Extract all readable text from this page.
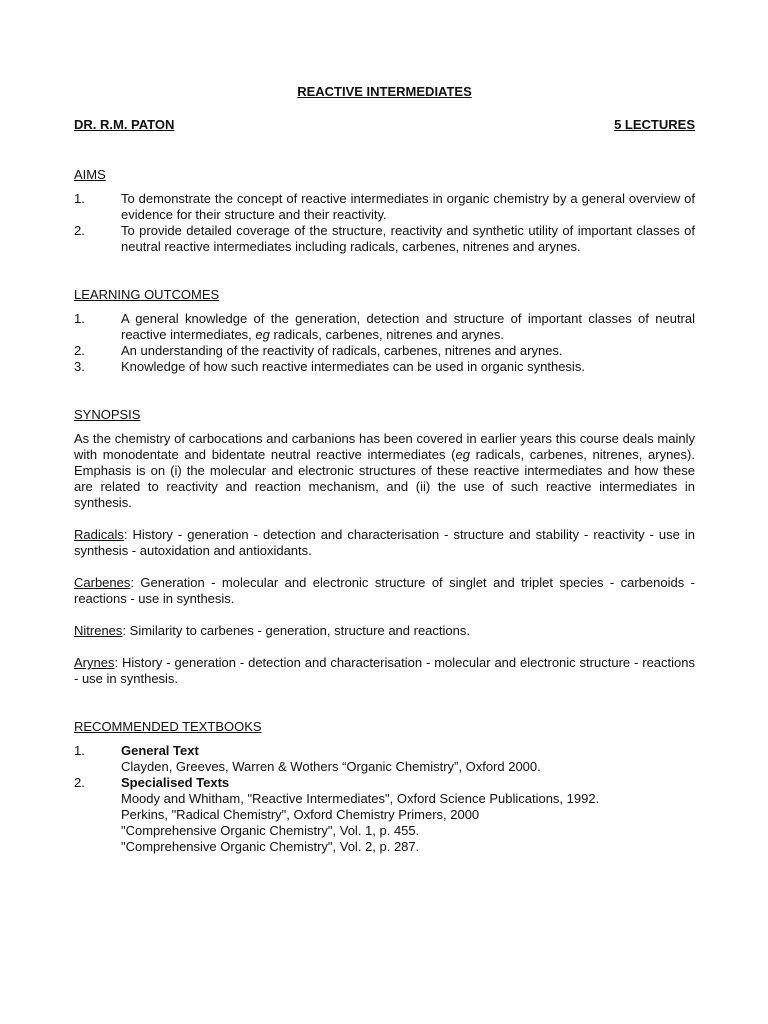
REACTIVE INTERMEDIATES
DR. R.M. PATON	5 LECTURES
AIMS
1.	To demonstrate the concept of reactive intermediates in organic chemistry by a general overview of evidence for their structure and their reactivity.
2.	To provide detailed coverage of the structure, reactivity and synthetic utility of important classes of neutral reactive intermediates including radicals, carbenes, nitrenes and arynes.
LEARNING OUTCOMES
1.	A general knowledge of the generation, detection and structure of important classes of neutral reactive intermediates, eg radicals, carbenes, nitrenes and arynes.
2.	An understanding of the reactivity of radicals, carbenes, nitrenes and arynes.
3.	Knowledge of how such reactive intermediates can be used in organic synthesis.
SYNOPSIS
As the chemistry of carbocations and carbanions has been covered in earlier years this course deals mainly with monodentate and bidentate neutral reactive intermediates (eg radicals, carbenes, nitrenes, arynes). Emphasis is on (i) the molecular and electronic structures of these reactive intermediates and how these are related to reactivity and reaction mechanism, and (ii) the use of such reactive intermediates in synthesis.
Radicals: History - generation - detection and characterisation - structure and stability - reactivity - use in synthesis - autoxidation and antioxidants.
Carbenes: Generation - molecular and electronic structure of singlet and triplet species - carbenoids - reactions - use in synthesis.
Nitrenes: Similarity to carbenes - generation, structure and reactions.
Arynes: History - generation - detection and characterisation - molecular and electronic structure - reactions - use in synthesis.
RECOMMENDED TEXTBOOKS
1.	General Text
Clayden, Greeves, Warren & Wothers “Organic Chemistry”, Oxford 2000.
2.	Specialised Texts
Moody and Whitham, "Reactive Intermediates", Oxford Science Publications, 1992.
Perkins, "Radical Chemistry", Oxford Chemistry Primers, 2000
"Comprehensive Organic Chemistry", Vol. 1, p. 455.
"Comprehensive Organic Chemistry", Vol. 2, p. 287.
